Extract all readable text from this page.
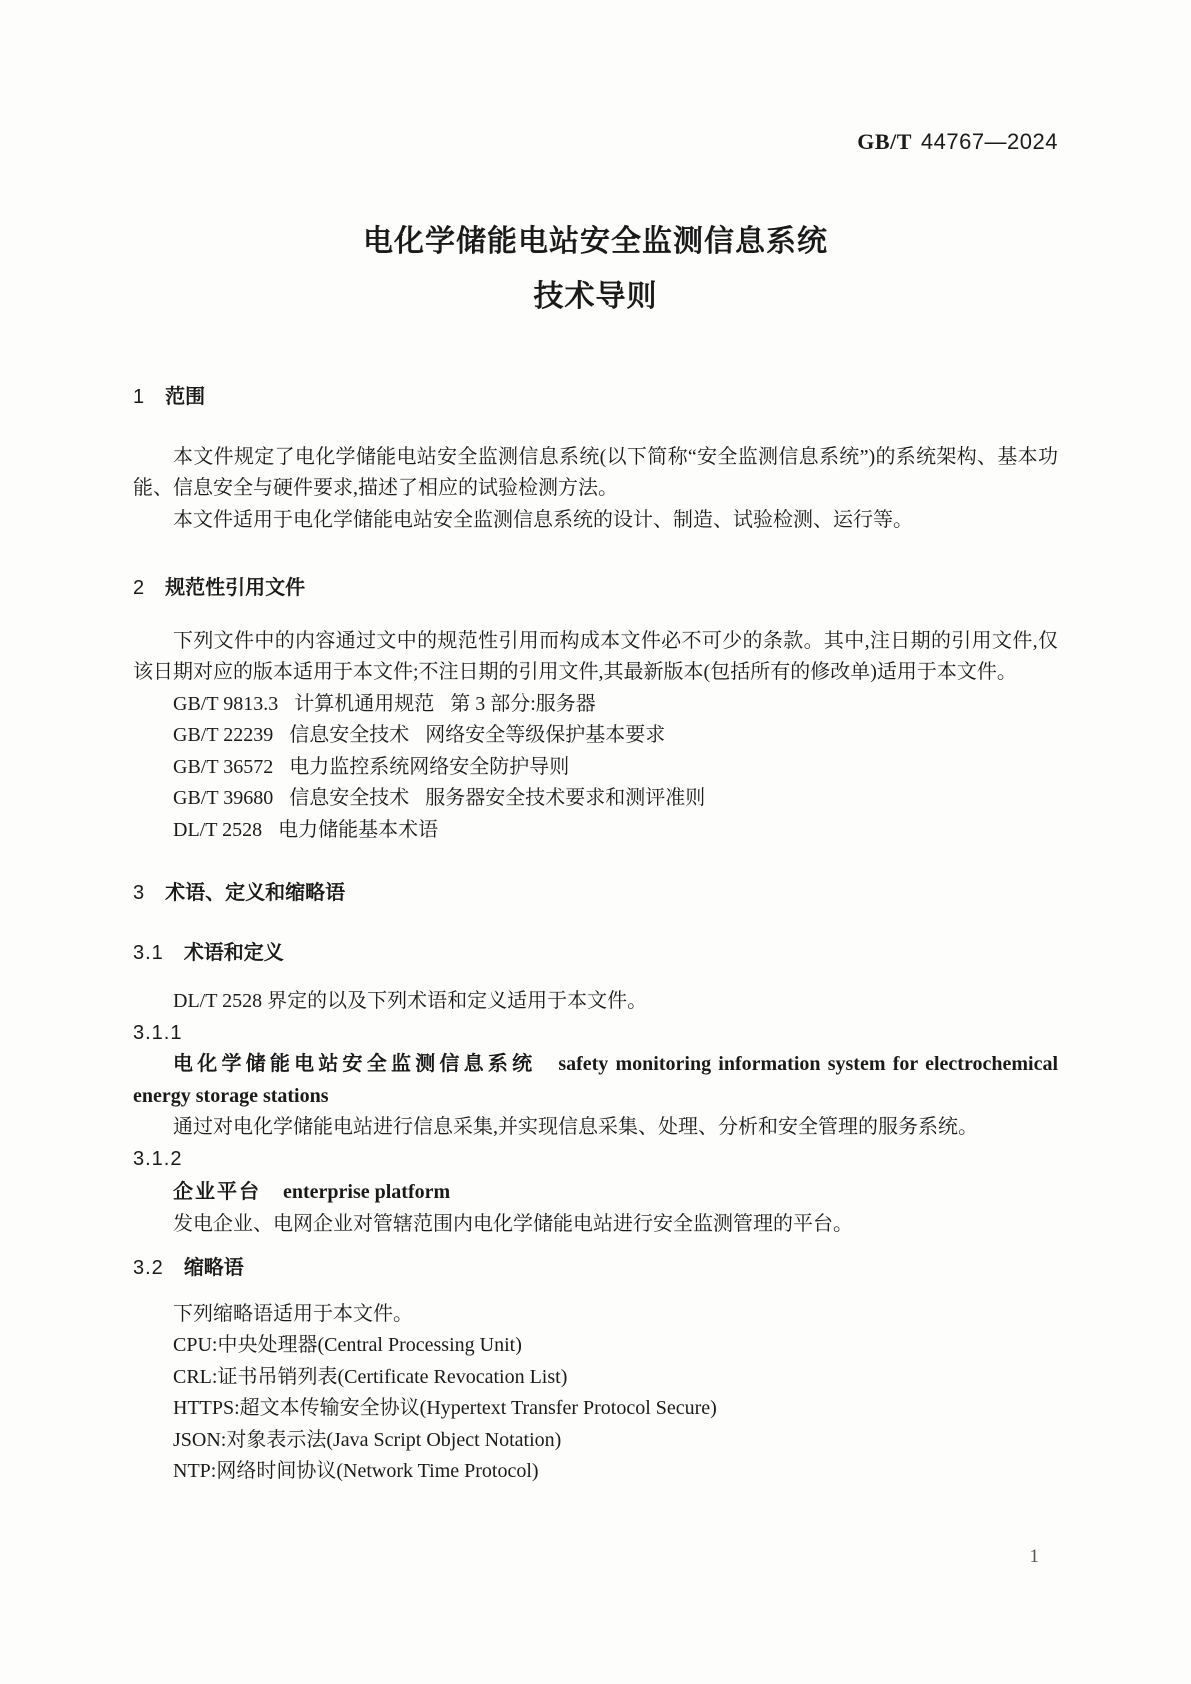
GB/T 44767—2024
电化学储能电站安全监测信息系统
技术导则
1 范围

本文件规定了电化学储能电站安全监测信息系统(以下简称“安全监测信息系统”)的系统架构、基本功能、信息安全与硬件要求,描述了相应的试验检测方法。

本文件适用于电化学储能电站安全监测信息系统的设计、制造、试验检测、运行等。

2 规范性引用文件

下列文件中的内容通过文中的规范性引用而构成本文件必不可少的条款。其中,注日期的引用文件,仅该日期对应的版本适用于本文件;不注日期的引用文件,其最新版本(包括所有的修改单)适用于本文件。

GB/T 9813.3 计算机通用规范 第 3 部分:服务器

GB/T 22239 信息安全技术 网络安全等级保护基本要求

GB/T 36572 电力监控系统网络安全防护导则

GB/T 39680 信息安全技术 服务器安全技术要求和测评准则

DL/T 2528 电力储能基本术语

3 术语、定义和缩略语
3.1 术语和定义

DL/T 2528 界定的以及下列术语和定义适用于本文件。

3.1.1

电化学储能电站安全监测信息系统 safety monitoring information system for electrochemical energy storage stations

通过对电化学储能电站进行信息采集,并实现信息采集、处理、分析和安全管理的服务系统。

3.1.2

企业平台 enterprise platform

发电企业、电网企业对管辖范围内电化学储能电站进行安全监测管理的平台。

3.2 缩略语

下列缩略语适用于本文件。

CPU:中央处理器(Central Processing Unit)

CRL:证书吊销列表(Certificate Revocation List)

HTTPS:超文本传输安全协议(Hypertext Transfer Protocol Secure)

JSON:对象表示法(Java Script Object Notation)

NTP:网络时间协议(Network Time Protocol)

1
